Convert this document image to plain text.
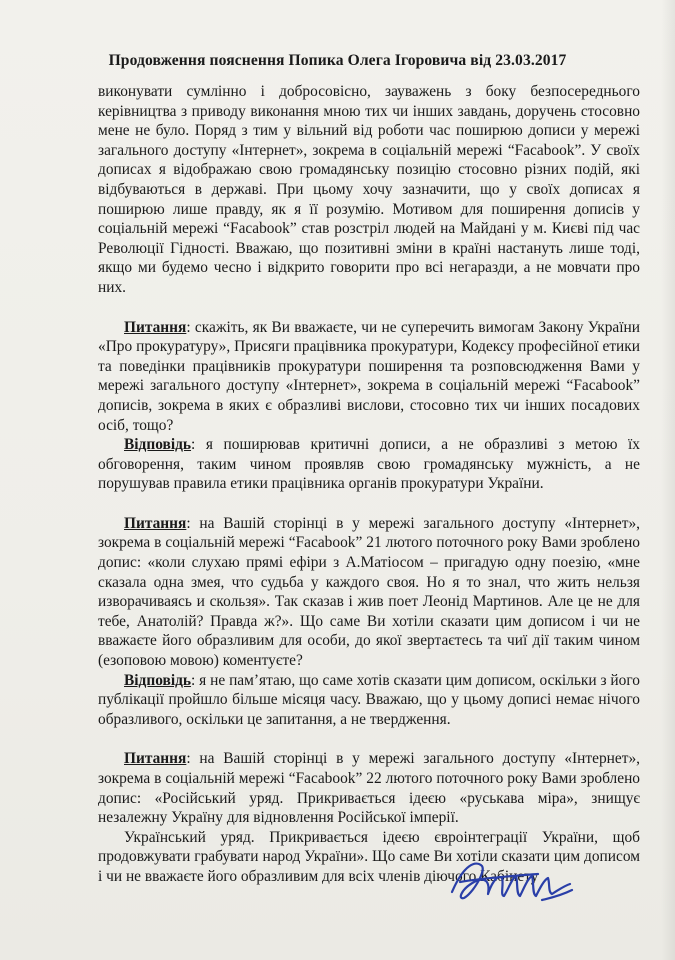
Продовження пояснення Попика Олега Ігоровича від 23.03.2017

виконувати сумлінно і добросовісно, зауважень з боку безпосереднього керівництва з приводу виконання мною тих чи інших завдань, доручень стосовно мене не було. Поряд з тим у вільний від роботи час поширюю дописи у мережі загального доступу «Інтернет», зокрема в соціальній мережі “Facabook”. У своїх дописах я відображаю свою громадянську позицію стосовно різних подій, які відбуваються в державі. При цьому хочу зазначити, що у своїх дописах я поширюю лише правду, як я її розумію. Мотивом для поширення дописів у соціальній мережі “Facabook” став розстріл людей на Майдані у м. Києві під час Революції Гідності. Вважаю, що позитивні зміни в країні настануть лише тоді, якщо ми будемо чесно і відкрито говорити про всі негаразди, а не мовчати про них.

Питання: скажіть, як Ви вважаєте, чи не суперечить вимогам Закону України «Про прокуратуру», Присяги працівника прокуратури, Кодексу професійної етики та поведінки працівників прокуратури поширення та розповсюдження Вами у мережі загального доступу «Інтернет», зокрема в соціальній мережі “Facabook” дописів, зокрема в яких є образливі вислови, стосовно тих чи інших посадових осіб, тощо?

Відповідь: я поширював критичні дописи, а не образливі з метою їх обговорення, таким чином проявляв свою громадянську мужність, а не порушував правила етики працівника органів прокуратури України.

Питання: на Вашій сторінці в у мережі загального доступу «Інтернет», зокрема в соціальній мережі “Facabook” 21 лютого поточного року Вами зроблено допис: «коли слухаю прямі ефіри з А.Матіосом – пригадую одну поезію, «мне сказала одна змея, что судьба у каждого своя. Но я то знал, что жить нельзя изворачиваясь и скользя». Так сказав і жив поет Леонід Мартинов. Але це не для тебе, Анатолій? Правда ж?». Що саме Ви хотіли сказати цим дописом і чи не вважаєте його образливим для особи, до якої звертаєтесь та чиї дії таким чином (езоповою мовою) коментуєте?

Відповідь: я не пам’ятаю, що саме хотів сказати цим дописом, оскільки з його публікації пройшло більше місяця часу. Вважаю, що у цьому дописі немає нічого образливого, оскільки це запитання, а не твердження.

Питання: на Вашій сторінці в у мережі загального доступу «Інтернет», зокрема в соціальній мережі “Facabook” 22 лютого поточного року Вами зроблено допис: «Російський уряд. Прикривається ідеєю «руськава міра», знищує незалежну Україну для відновлення Російської імперії.

Український уряд. Прикривається ідеєю євроінтеграції України, щоб продовжувати грабувати народ України». Що саме Ви хотіли сказати цим дописом і чи не вважаєте його образливим для всіх членів діючого Кабінету
